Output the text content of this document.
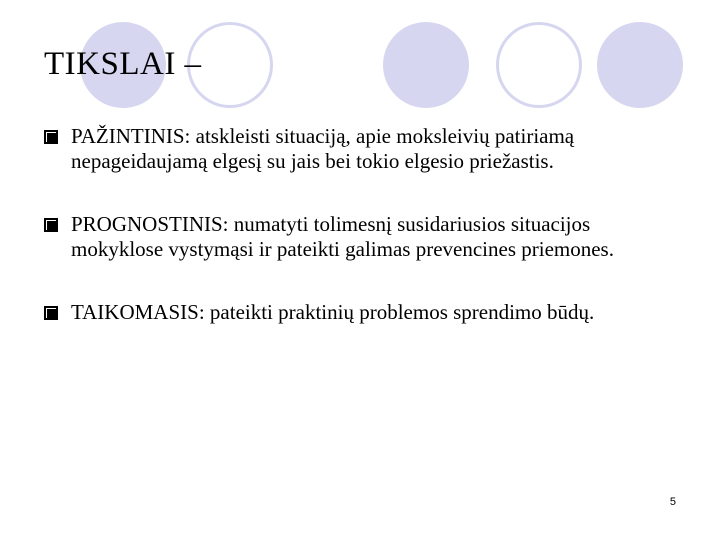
TIKSLAI –
PAŽINTINIS: atskleisti situaciją, apie moksleivių patiriamą nepageidaujamą elgesį su jais bei tokio elgesio priežastis.
PROGNOSTINIS: numatyti tolimesnį susidariusios situacijos mokyklose vystymąsi ir pateikti galimas prevencines priemones.
TAIKOMASIS: pateikti praktinių problemos sprendimo būdų.
5
